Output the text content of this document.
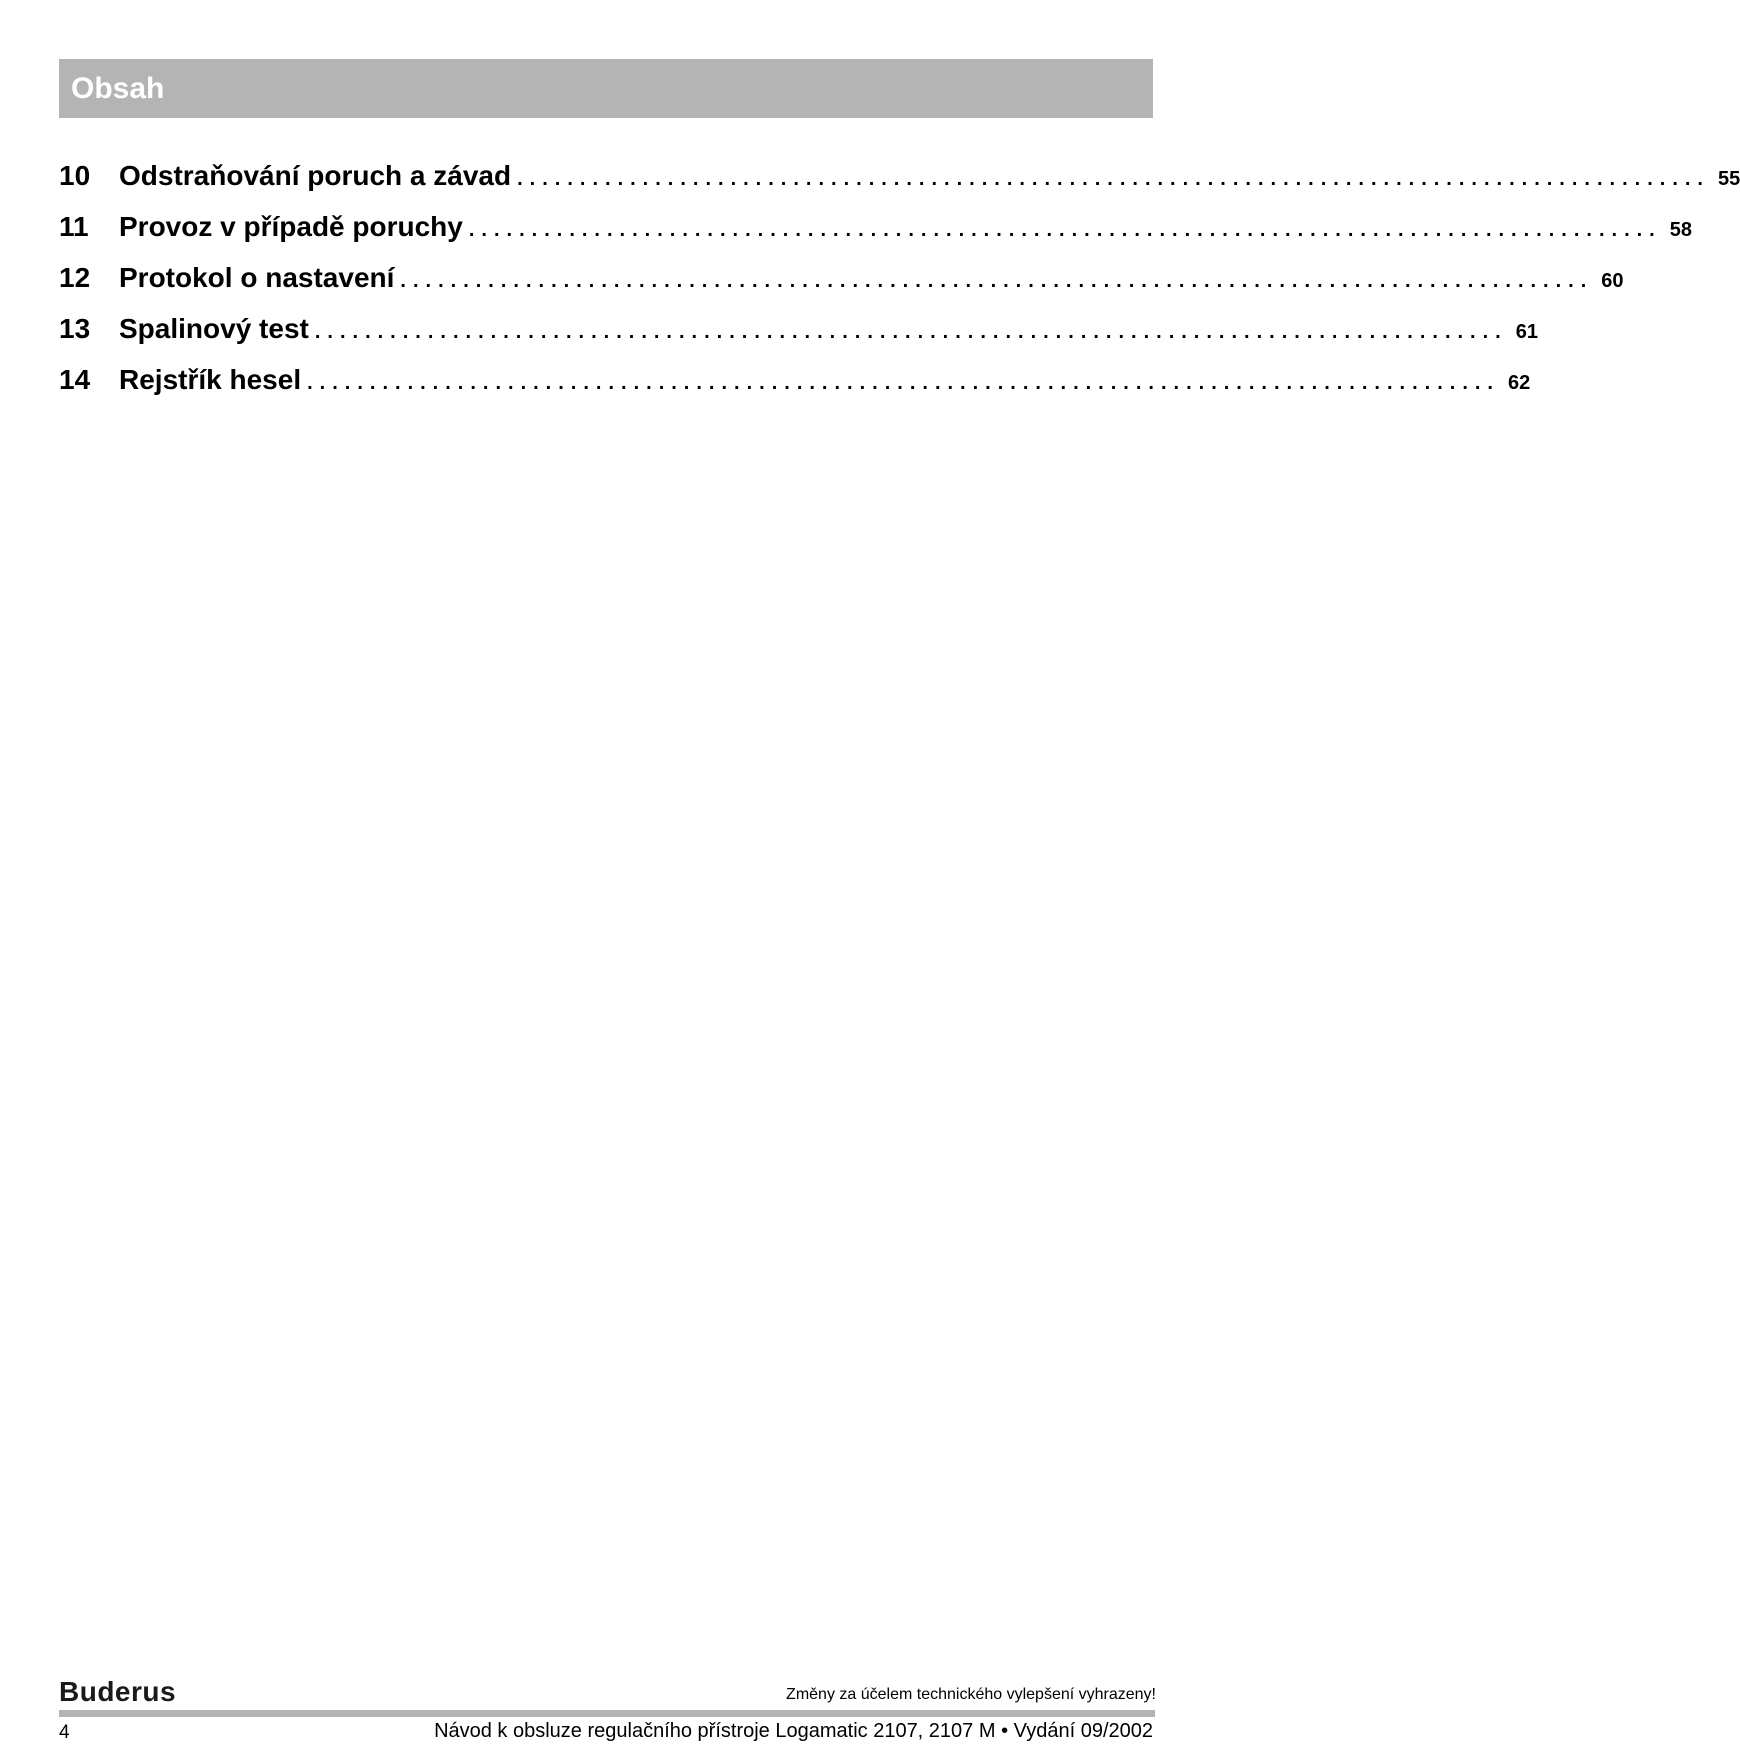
Obsah
10	Odstraňování poruch a závad ............................................................................................... 55
11	Provoz v případě poruchy ............................................................................................... 58
12	Protokol o nastavení ............................................................................................... 60
13	Spalinový test ............................................................................................... 61
14	Rejstřík hesel ............................................................................................... 62
Buderus	Změny za účelem technického vylepšení vyhrazeny!
4	Návod k obsluze regulačního přístroje Logamatic 2107, 2107 M • Vydání 09/2002
